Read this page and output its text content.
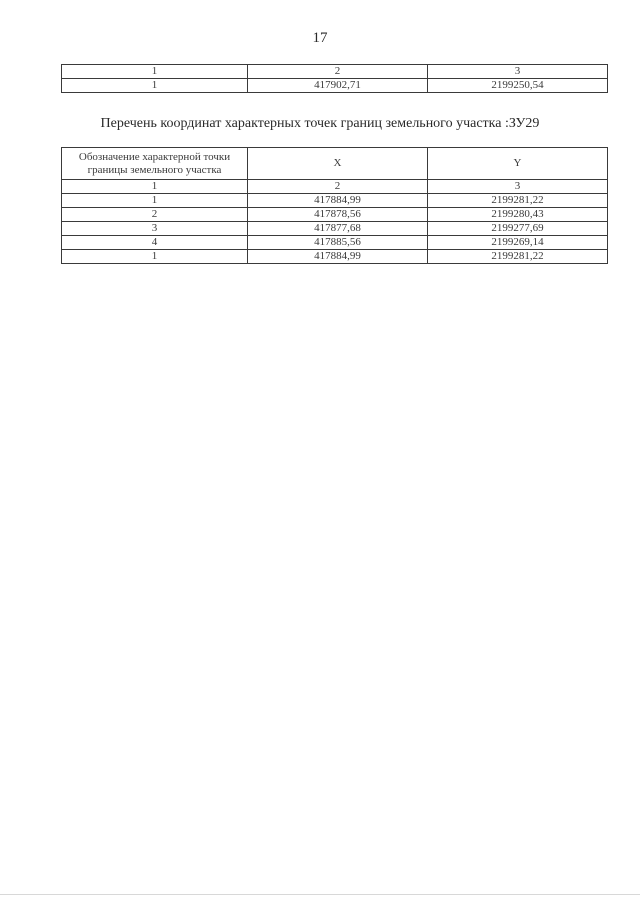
17
1	2	3
1	417902,71	2199250,54
Перечень координат характерных точек границ земельного участка :ЗУ29
Обозначение характерной точки границы земельного участка	X	Y
1	2	3
1	417884,99	2199281,22
2	417878,56	2199280,43
3	417877,68	2199277,69
4	417885,56	2199269,14
1	417884,99	2199281,22
